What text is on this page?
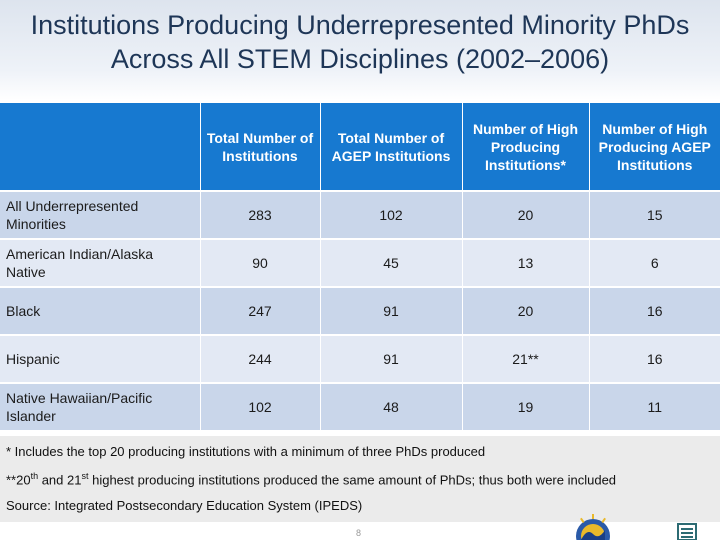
Institutions Producing Underrepresented Minority PhDs
Across All STEM Disciplines (2002–2006)
	Total Number of Institutions	Total Number of AGEP Institutions	Number of High Producing Institutions*	Number of High Producing AGEP Institutions
All Underrepresented Minorities	283	102	20	15
American Indian/Alaska Native	90	45	13	6
Black	247	91	20	16
Hispanic	244	91	21**	16
Native Hawaiian/Pacific Islander	102	48	19	11
* Includes the top 20 producing institutions with a minimum of three PhDs produced
**20th and 21st highest producing institutions produced the same amount of PhDs; thus both were included
Source: Integrated Postsecondary Education System (IPEDS)
8
